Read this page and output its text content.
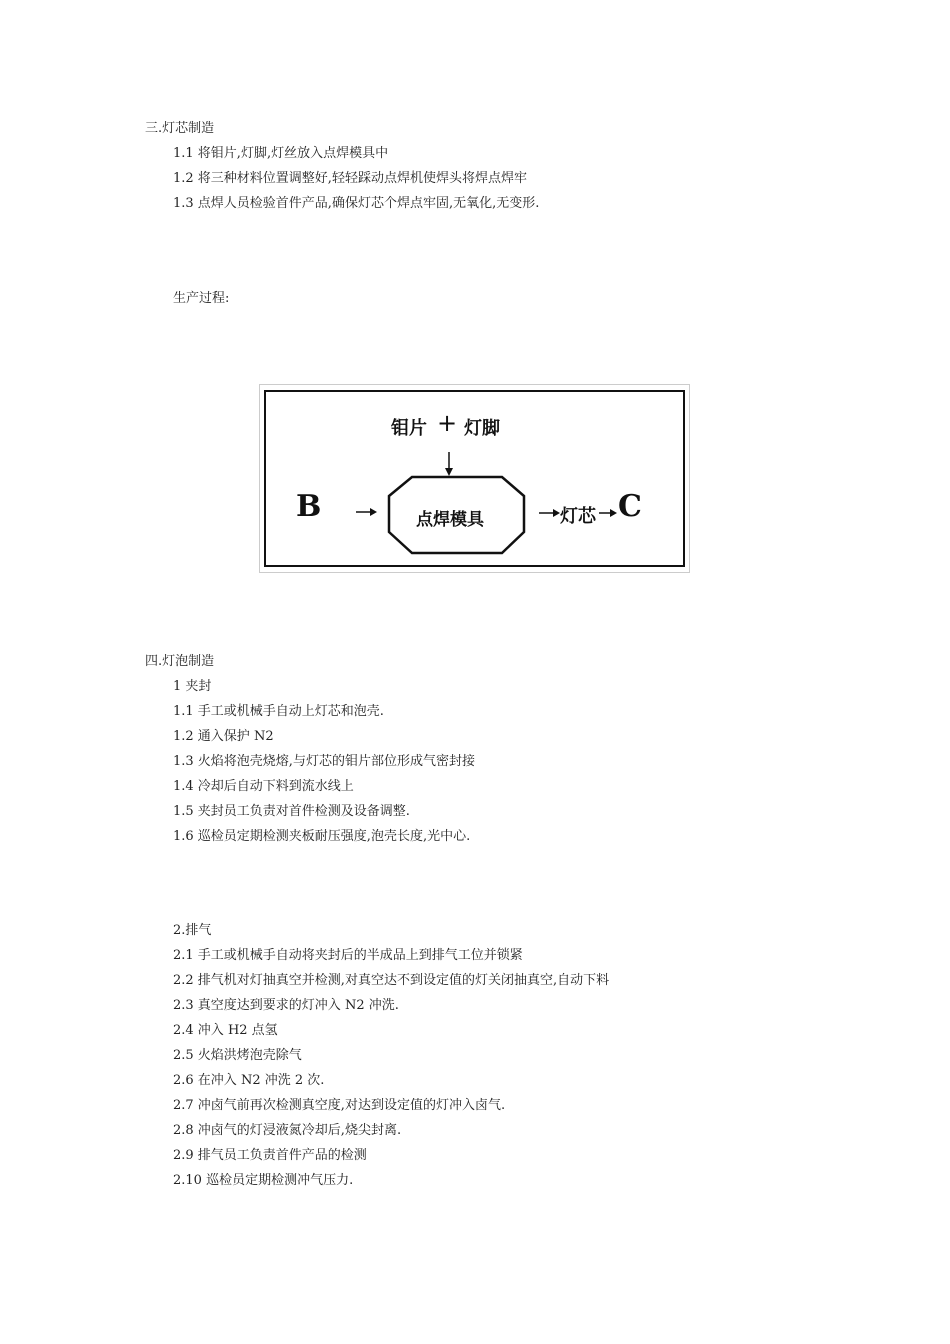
三.灯芯制造
1.1 将钼片,灯脚,灯丝放入点焊模具中
1.2 将三种材料位置调整好,轻轻踩动点焊机使焊头将焊点焊牢
1.3 点焊人员检验首件产品,确保灯芯个焊点牢固,无氧化,无变形.
生产过程:
钼片 + 灯脚
B	点焊模具	灯芯 C
四.灯泡制造
1 夹封
1.1 手工或机械手自动上灯芯和泡壳.
1.2 通入保护 N2
1.3 火焰将泡壳烧熔,与灯芯的钼片部位形成气密封接
1.4 冷却后自动下料到流水线上
1.5 夹封员工负责对首件检测及设备调整.
1.6 巡检员定期检测夹板耐压强度,泡壳长度,光中心.
2.排气
2.1 手工或机械手自动将夹封后的半成品上到排气工位并锁紧
2.2 排气机对灯抽真空并检测,对真空达不到设定值的灯关闭抽真空,自动下料
2.3 真空度达到要求的灯冲入 N2 冲洗.
2.4 冲入 H2 点氢
2.5 火焰洪烤泡壳除气
2.6 在冲入 N2 冲洗 2 次.
2.7 冲卤气前再次检测真空度,对达到设定值的灯冲入卤气.
2.8 冲卤气的灯浸液氮冷却后,烧尖封离.
2.9 排气员工负责首件产品的检测
2.10 巡检员定期检测冲气压力.
